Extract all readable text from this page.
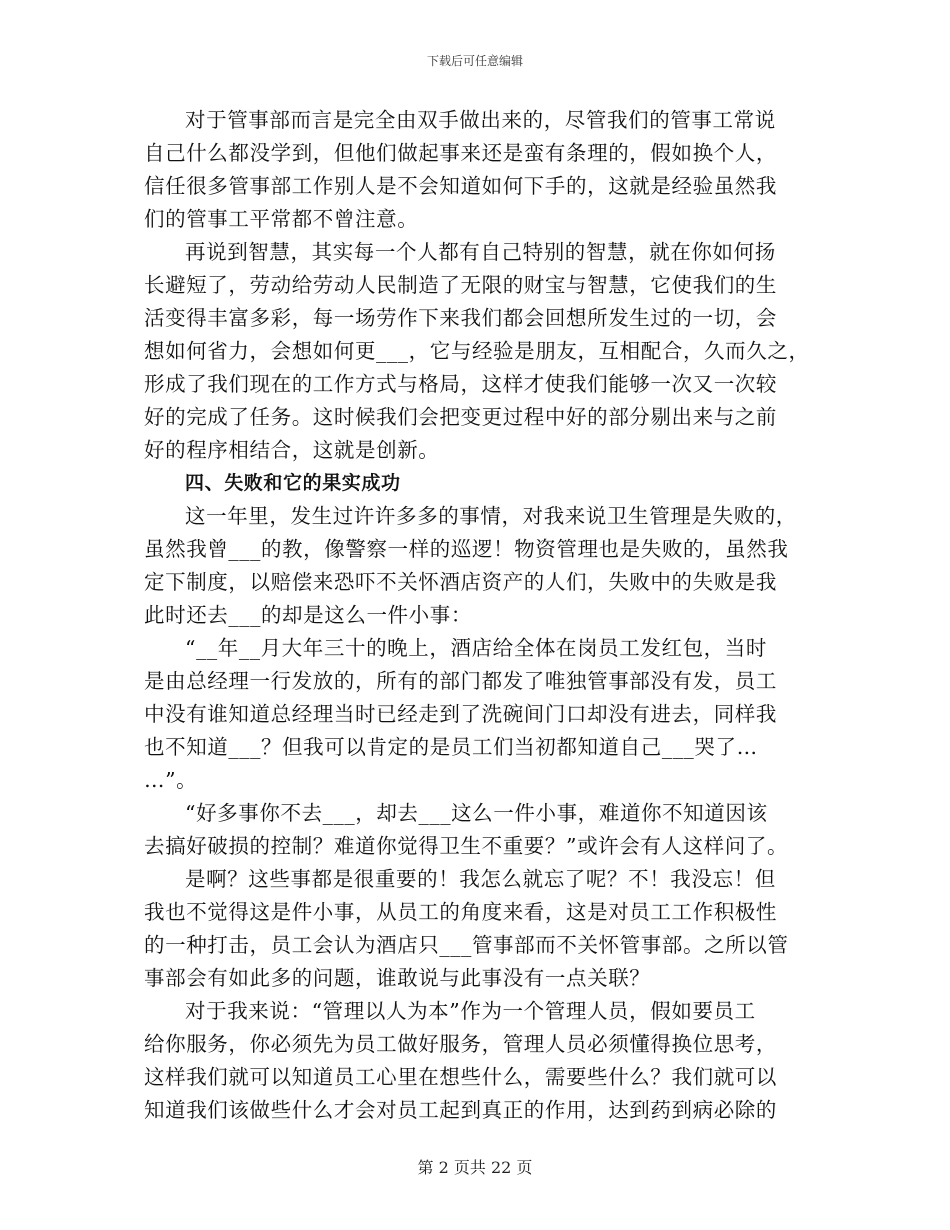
下载后可任意编辑
对于管事部而言是完全由双手做出来的，尽管我们的管事工常说
自己什么都没学到，但他们做起事来还是蛮有条理的，假如换个人，
信任很多管事部工作别人是不会知道如何下手的，这就是经验虽然我
们的管事工平常都不曾注意。
再说到智慧，其实每一个人都有自己特别的智慧，就在你如何扬
长避短了，劳动给劳动人民制造了无限的财宝与智慧，它使我们的生
活变得丰富多彩，每一场劳作下来我们都会回想所发生过的一切，会
想如何省力，会想如何更___，它与经验是朋友，互相配合，久而久之，
形成了我们现在的工作方式与格局，这样才使我们能够一次又一次较
好的完成了任务。这时候我们会把变更过程中好的部分剔出来与之前
好的程序相结合，这就是创新。
四、失败和它的果实成功
这一年里，发生过许许多多的事情，对我来说卫生管理是失败的，
虽然我曾___的教，像警察一样的巡逻！物资管理也是失败的，虽然我
定下制度，以赔偿来恐吓不关怀酒店资产的人们，失败中的失败是我
此时还去___的却是这么一件小事：
“__年__月大年三十的晚上，酒店给全体在岗员工发红包，当时
是由总经理一行发放的，所有的部门都发了唯独管事部没有发，员工
中没有谁知道总经理当时已经走到了洗碗间门口却没有进去，同样我
也不知道___？但我可以肯定的是员工们当初都知道自己___哭了…
…”。
“好多事你不去___，却去___这么一件小事，难道你不知道因该
去搞好破损的控制？难道你觉得卫生不重要？”或许会有人这样问了。
是啊？这些事都是很重要的！我怎么就忘了呢？不！我没忘！但
我也不觉得这是件小事，从员工的角度来看，这是对员工工作积极性
的一种打击，员工会认为酒店只___管事部而不关怀管事部。之所以管
事部会有如此多的问题，谁敢说与此事没有一点关联？
对于我来说：“管理以人为本”作为一个管理人员，假如要员工
给你服务，你必须先为员工做好服务，管理人员必须懂得换位思考，
这样我们就可以知道员工心里在想些什么，需要些什么？我们就可以
知道我们该做些什么才会对员工起到真正的作用，达到药到病必除的
第 2 页共 22 页
